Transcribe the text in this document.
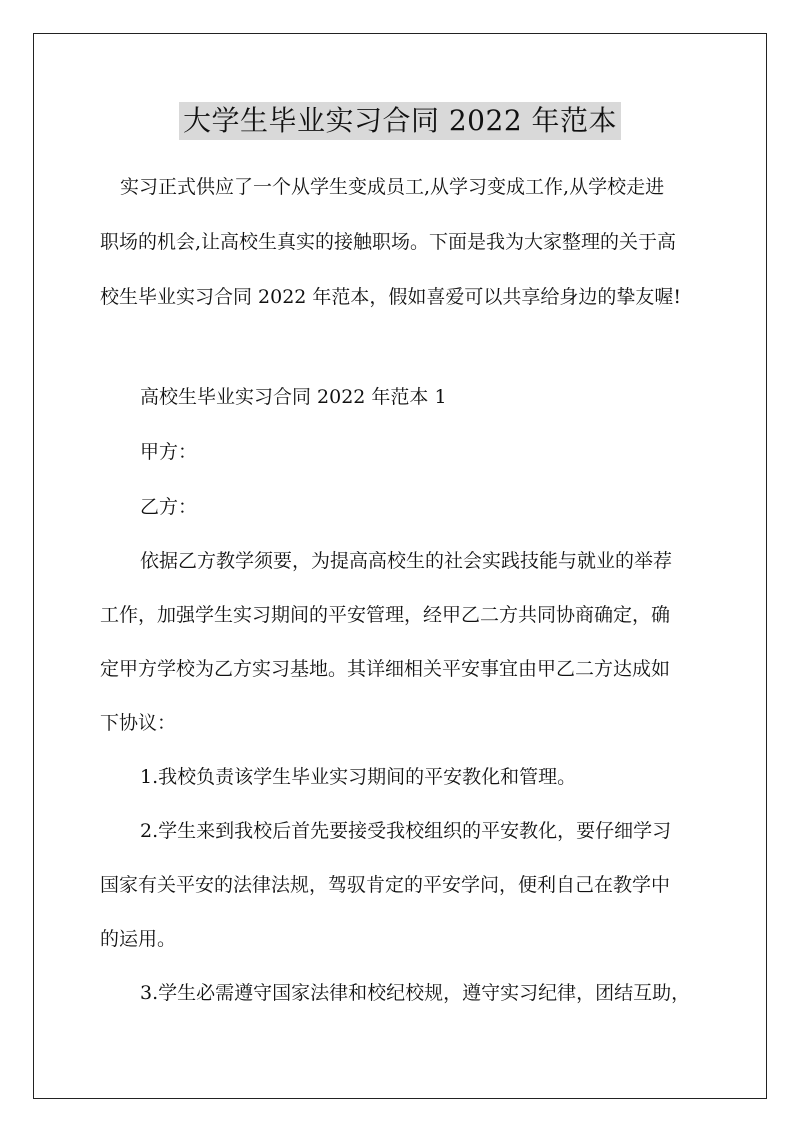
大学生毕业实习合同 2022 年范本
实习正式供应了一个从学生变成员工,从学习变成工作,从学校走进
职场的机会,让高校生真实的接触职场。下面是我为大家整理的关于高
校生毕业实习合同 2022 年范本，假如喜爱可以共享给身边的挚友喔!
高校生毕业实习合同 2022 年范本 1
甲方：
乙方：
依据乙方教学须要，为提高高校生的社会实践技能与就业的举荐
工作，加强学生实习期间的平安管理，经甲乙二方共同协商确定，确
定甲方学校为乙方实习基地。其详细相关平安事宜由甲乙二方达成如
下协议：
1.我校负责该学生毕业实习期间的平安教化和管理。
2.学生来到我校后首先要接受我校组织的平安教化，要仔细学习
国家有关平安的法律法规，驾驭肯定的平安学问，便利自己在教学中
的运用。
3.学生必需遵守国家法律和校纪校规，遵守实习纪律，团结互助，
